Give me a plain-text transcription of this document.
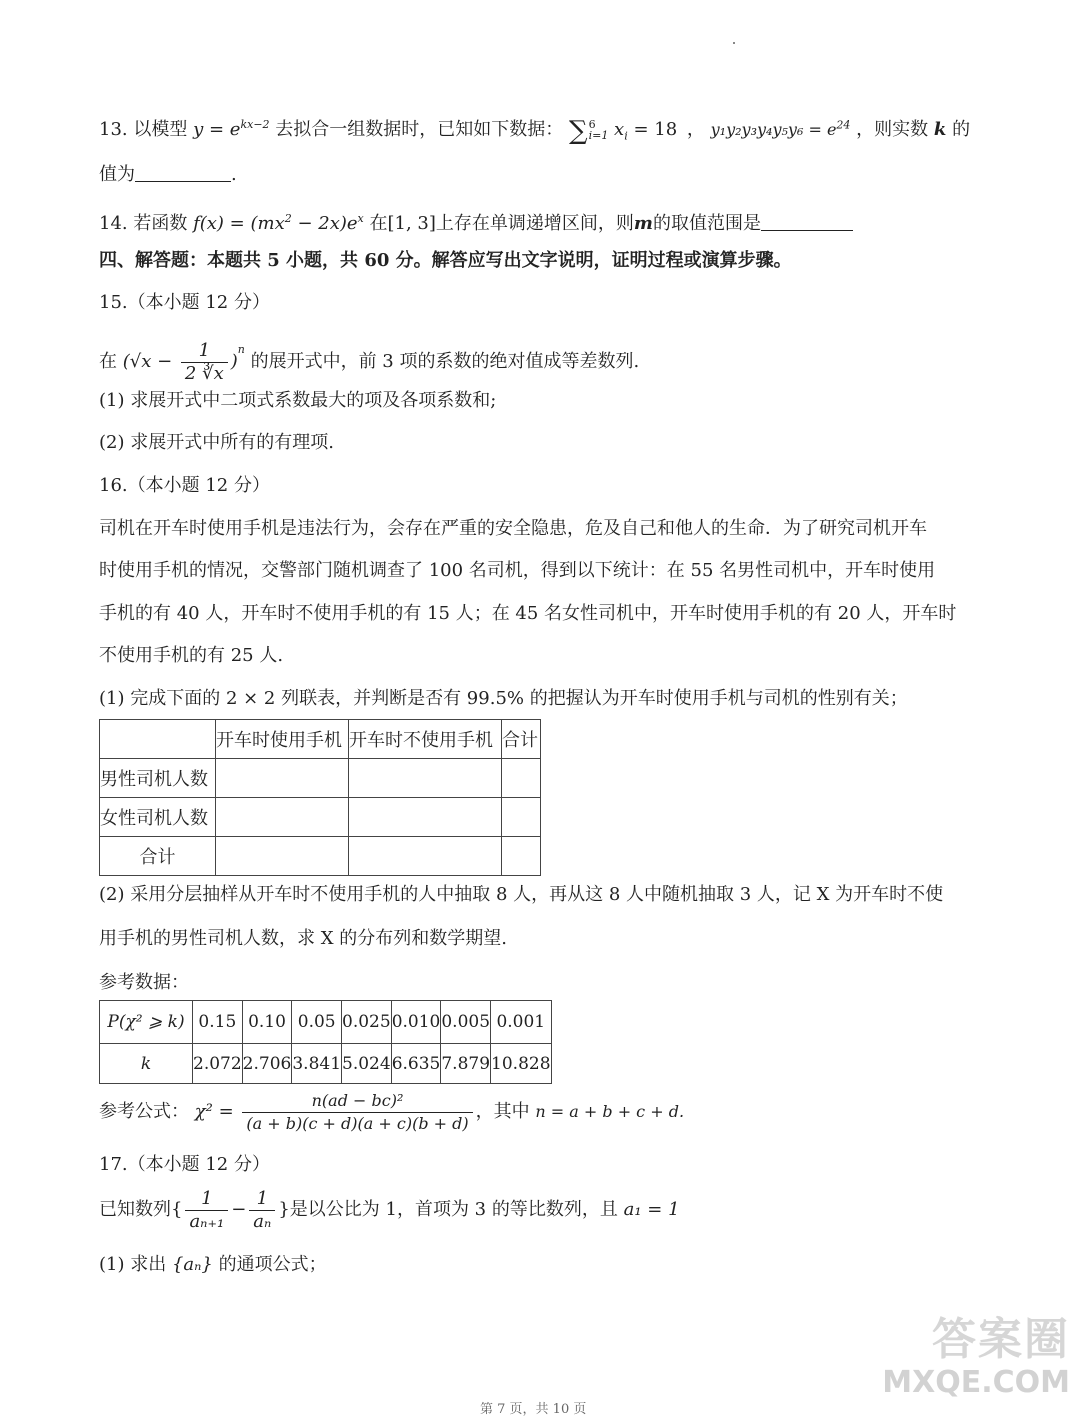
13. 以模型 $y = e^{kx-2}$ 去拟合一组数据时，已知如下数据： ∑ 6
i=1 $x_i = 18$ ， $y_1y_2y_3y_4y_5y_6 = e^{24}$ ，则实数 k 的
值为	.
14. 若函数 $f(x) = (mx^2 - 2x)e^x$ 在[1, 3]上存在单调递增区间，则m的取值范围是
四、解答题：本题共 5 小题，共 60 分。解答应写出文字说明，证明过程或演算步骤。
15.（本小题 12 分）
在 $(√x - \frac{1}{2 ∛x} )^n$ 的展开式中，前 3 项的系数的绝对值成等差数列.
(1) 求展开式中二项式系数最大的项及各项系数和;
(2) 求展开式中所有的有理项.
16.（本小题 12 分）
司机在开车时使用手机是违法行为，会存在严重的安全隐患，危及自己和他人的生命．为了研究司机开车
时使用手机的情况，交警部门随机调查了 100 名司机，得到以下统计：在 55 名男性司机中，开车时使用
手机的有 40 人，开车时不使用手机的有 15 人；在 45 名女性司机中，开车时使用手机的有 20 人，开车时
不使用手机的有 25 人.
(1) 完成下面的 2 × 2 列联表，并判断是否有 99.5% 的把握认为开车时使用手机与司机的性别有关；
	开车时使用手机	开车时不使用手机	合计
男性司机人数			
女性司机人数			
合计			
(2) 采用分层抽样从开车时不使用手机的人中抽取 8 人，再从这 8 人中随机抽取 3 人，记 X 为开车时不使
用手机的男性司机人数，求 X 的分布列和数学期望.
参考数据：
P(χ² ⩾ k)	0.15	0.10	0.05	0.025	0.010	0.005	0.001
k	2.072	2.706	3.841	5.024	6.635	7.879	10.828
参考公式： $\chi^2 = \frac{\text{n(ad − bc)²}}{(a + b)(c + d)(a + c)(b + d)}$ ，其中 n = a + b + c + d.
17.（本小题 12 分）
已知数列{ $\frac{1}{\text{aₙ₊₁}} - \frac{1}{\text{aₙ}}$ }是以公比为 1，首项为 3 的等比数列，且 a₁ = 1
(1) 求出 {aₙ} 的通项公式；
答案圈
MXQE.COM
第 7 页，共 10 页
